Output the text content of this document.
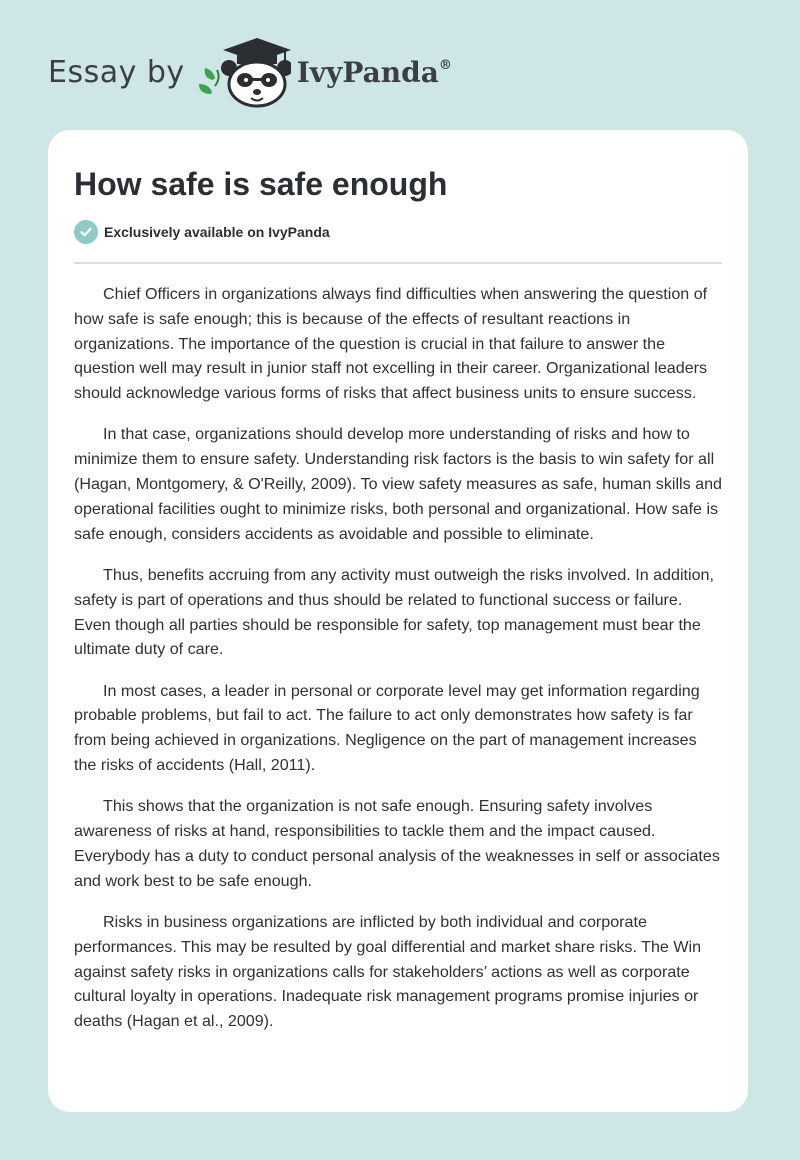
Essay by	IvyPanda®
How safe is safe enough
Exclusively available on IvyPanda

Chief Officers in organizations always find difficulties when answering the question of how safe is safe enough; this is because of the effects of resultant reactions in organizations. The importance of the question is crucial in that failure to answer the question well may result in junior staff not excelling in their career. Organizational leaders should acknowledge various forms of risks that affect business units to ensure success.

In that case, organizations should develop more understanding of risks and how to minimize them to ensure safety. Understanding risk factors is the basis to win safety for all (Hagan, Montgomery, & O'Reilly, 2009). To view safety measures as safe, human skills and operational facilities ought to minimize risks, both personal and organizational. How safe is safe enough, considers accidents as avoidable and possible to eliminate.

Thus, benefits accruing from any activity must outweigh the risks involved. In addition, safety is part of operations and thus should be related to functional success or failure. Even though all parties should be responsible for safety, top management must bear the ultimate duty of care.

In most cases, a leader in personal or corporate level may get information regarding probable problems, but fail to act. The failure to act only demonstrates how safety is far from being achieved in organizations. Negligence on the part of management increases the risks of accidents (Hall, 2011).

This shows that the organization is not safe enough. Ensuring safety involves awareness of risks at hand, responsibilities to tackle them and the impact caused. Everybody has a duty to conduct personal analysis of the weaknesses in self or associates and work best to be safe enough.

Risks in business organizations are inflicted by both individual and corporate performances. This may be resulted by goal differential and market share risks. The Win against safety risks in organizations calls for stakeholders’ actions as well as corporate cultural loyalty in operations. Inadequate risk management programs promise injuries or deaths (Hagan et al., 2009).
